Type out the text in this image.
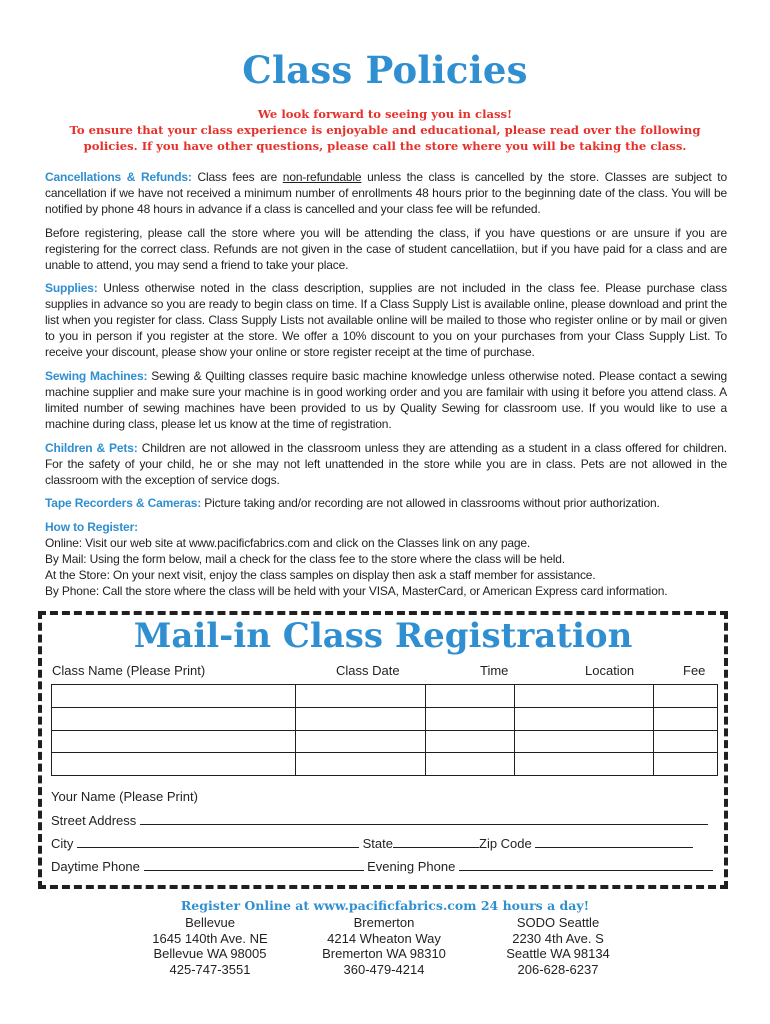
Class Policies
We look forward to seeing you in class!
To ensure that your class experience is enjoyable and educational, please read over the following
policies. If you have other questions, please call the store where you will be taking the class.
Cancellations & Refunds: Class fees are non-refundable unless the class is cancelled by the store. Classes are subject to cancellation if we have not received a minimum number of enrollments 48 hours prior to the beginning date of the class. You will be notified by phone 48 hours in advance if a class is cancelled and your class fee will be refunded.
Before registering, please call the store where you will be attending the class, if you have questions or are unsure if you are registering for the correct class. Refunds are not given in the case of student cancellatiion, but if you have paid for a class and are unable to attend, you may send a friend to take your place.
Supplies: Unless otherwise noted in the class description, supplies are not included in the class fee. Please purchase class supplies in advance so you are ready to begin class on time. If a Class Supply List is available online, please download and print the list when you register for class. Class Supply Lists not available online will be mailed to those who register online or by mail or given to you in person if you register at the store. We offer a 10% discount to you on your purchases from your Class Supply List. To receive your discount, please show your online or store register receipt at the time of purchase.
Sewing Machines: Sewing & Quilting classes require basic machine knowledge unless otherwise noted. Please contact a sewing machine supplier and make sure your machine is in good working order and you are familair with using it before you attend class. A limited number of sewing machines have been provided to us by Quality Sewing for classroom use. If you would like to use a machine during class, please let us know at the time of registration.
Children & Pets: Children are not allowed in the classroom unless they are attending as a student in a class offered for children. For the safety of your child, he or she may not left unattended in the store while you are in class. Pets are not allowed in the classroom with the exception of service dogs.
Tape Recorders & Cameras: Picture taking and/or recording are not allowed in classrooms without prior authorization.
How to Register:
Online: Visit our web site at www.pacificfabrics.com and click on the Classes link on any page.
By Mail: Using the form below, mail a check for the class fee to the store where the class will be held.
At the Store: On your next visit, enjoy the class samples on display then ask a staff member for assistance.
By Phone: Call the store where the class will be held with your VISA, MasterCard, or American Express card information.
Mail-in Class Registration
Class Name (Please Print)	Class Date	Time	Location	Fee

Your Name (Please Print)
Street Address
City	State	Zip Code
Daytime Phone	Evening Phone
Register Online at www.pacificfabrics.com 24 hours a day!
Bellevue
1645 140th Ave. NE
Bellevue WA 98005
425-747-3551
Bremerton
4214 Wheaton Way
Bremerton WA 98310
360-479-4214
SODO Seattle
2230 4th Ave. S
Seattle WA 98134
206-628-6237
